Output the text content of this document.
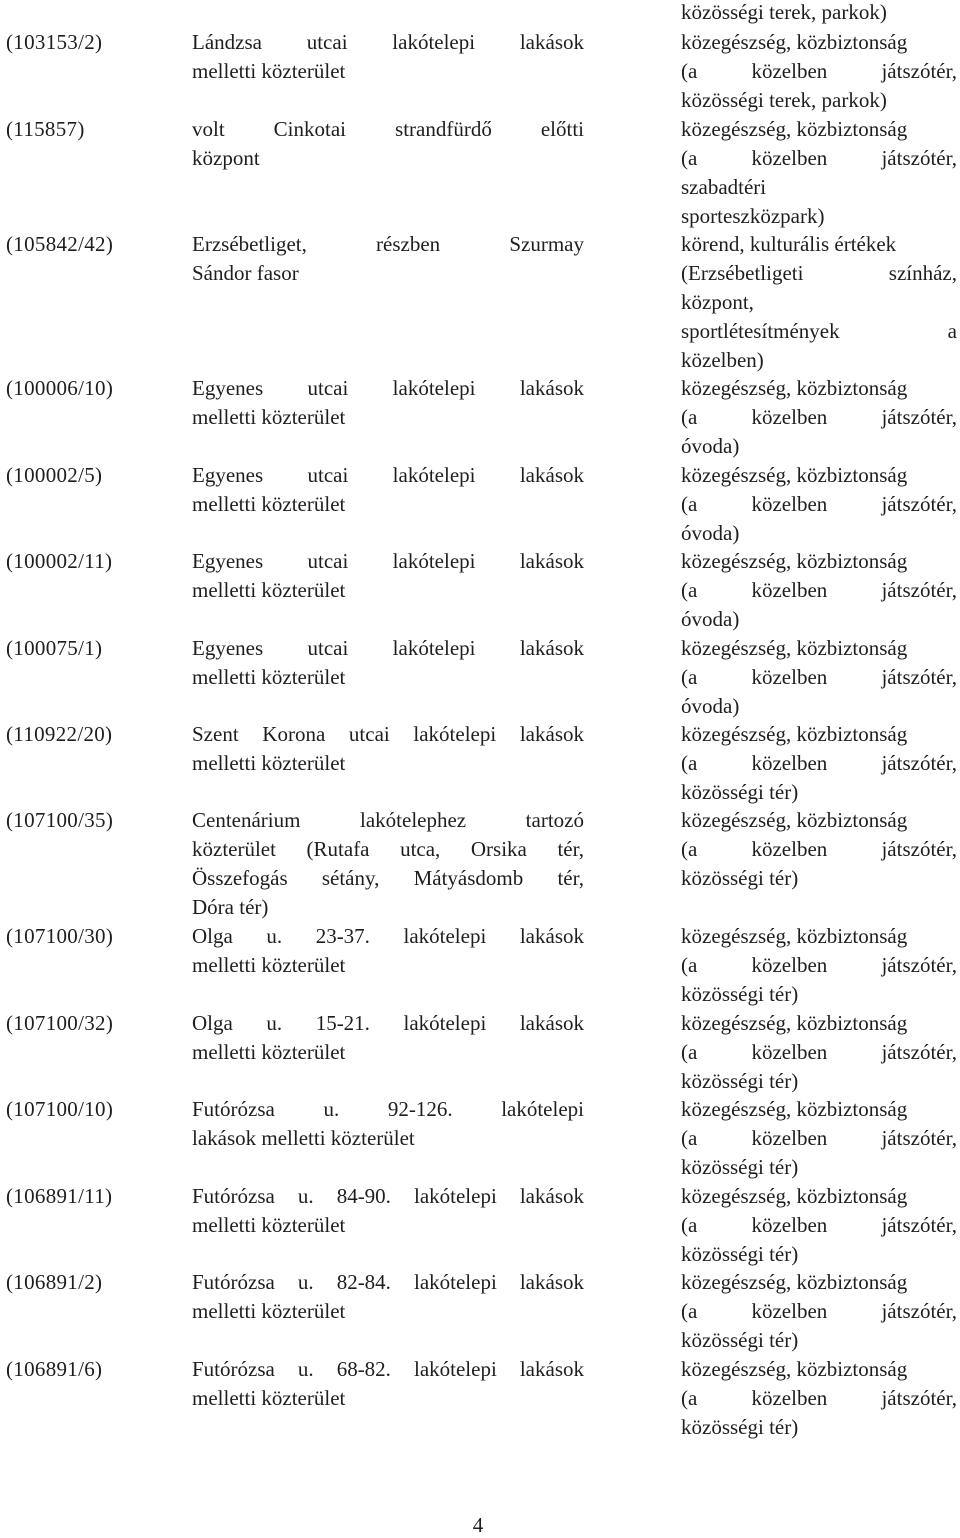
közösségi terek, parkok)
(103153/2)	Lándzsa utcai lakótelepi lakások
melletti közterület
közegészség, közbiztonság
(a közelben játszótér,
közösségi terek, parkok)
(115857)	volt Cinkotai strandfürdő előtti
központ
közegészség, közbiztonság
(a közelben játszótér,
szabadtéri
sporteszközpark)
(105842/42)	Erzsébetliget, részben Szurmay
Sándor fasor
körend, kulturális értékek
(Erzsébetligeti színház,
központ,
sportlétesítmények a
közelben)
(100006/10)	Egyenes utcai lakótelepi lakások
melletti közterület
közegészség, közbiztonság
(a közelben játszótér,
óvoda)
(100002/5)	Egyenes utcai lakótelepi lakások
melletti közterület
közegészség, közbiztonság
(a közelben játszótér,
óvoda)
(100002/11)	Egyenes utcai lakótelepi lakások
melletti közterület
közegészség, közbiztonság
(a közelben játszótér,
óvoda)
(100075/1)	Egyenes utcai lakótelepi lakások
melletti közterület
közegészség, közbiztonság
(a közelben játszótér,
óvoda)
(110922/20)	Szent Korona utcai lakótelepi lakások
melletti közterület
közegészség, közbiztonság
(a közelben játszótér,
közösségi tér)
(107100/35)	Centenárium lakótelephez tartozó
közterület (Rutafa utca, Orsika tér,
Összefogás sétány, Mátyásdomb tér,
Dóra tér)
közegészség, közbiztonság
(a közelben játszótér,
közösségi tér)
(107100/30)	Olga u. 23-37. lakótelepi lakások
melletti közterület
közegészség, közbiztonság
(a közelben játszótér,
közösségi tér)
(107100/32)	Olga u. 15-21. lakótelepi lakások
melletti közterület
közegészség, közbiztonság
(a közelben játszótér,
közösségi tér)
(107100/10)	Futórózsa u. 92-126. lakótelepi
lakások melletti közterület
közegészség, közbiztonság
(a közelben játszótér,
közösségi tér)
(106891/11)	Futórózsa u. 84-90. lakótelepi lakások
melletti közterület
közegészség, közbiztonság
(a közelben játszótér,
közösségi tér)
(106891/2)	Futórózsa u. 82-84. lakótelepi lakások
melletti közterület
közegészség, közbiztonság
(a közelben játszótér,
közösségi tér)
(106891/6)	Futórózsa u. 68-82. lakótelepi lakások
melletti közterület
közegészség, közbiztonság
(a közelben játszótér,
közösségi tér)
4
